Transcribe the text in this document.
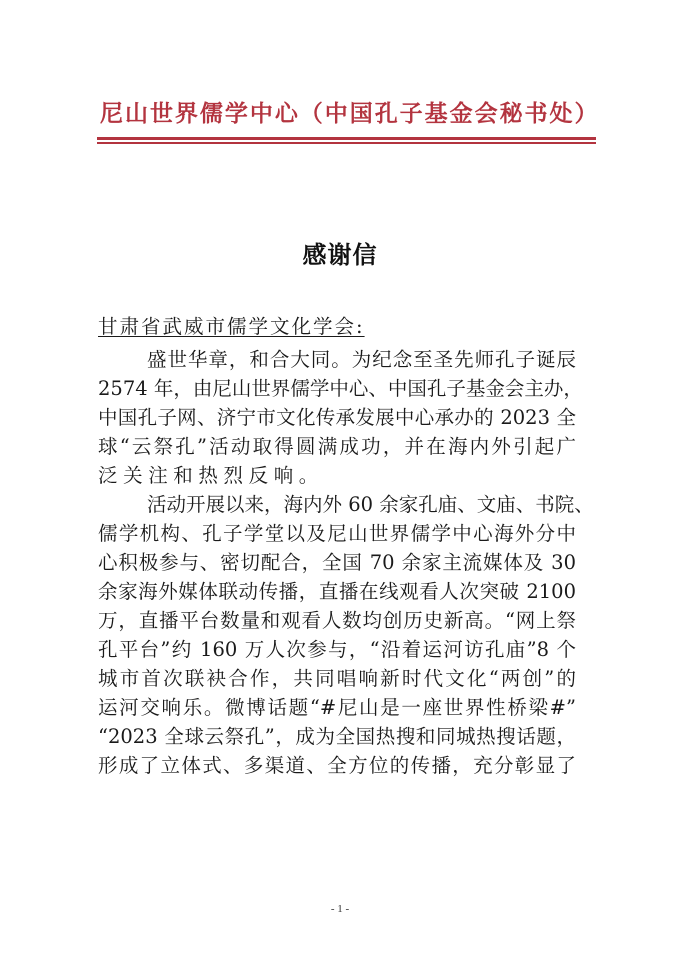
尼山世界儒学中心（中国孔子基金会秘书处）
感谢信
甘肃省武威市儒学文化学会:
盛世华章，和合大同。为纪念至圣先师孔子诞辰
2574 年，由尼山世界儒学中心、中国孔子基金会主办，
中国孔子网、济宁市文化传承发展中心承办的 2023 全
球“云祭孔”活动取得圆满成功，并在海内外引起广
泛关注和热烈反响。
活动开展以来，海内外 60 余家孔庙、文庙、书院、
儒学机构、孔子学堂以及尼山世界儒学中心海外分中
心积极参与、密切配合，全国 70 余家主流媒体及 30
余家海外媒体联动传播，直播在线观看人次突破 2100
万，直播平台数量和观看人数均创历史新高。“网上祭
孔平台”约 160 万人次参与，“沿着运河访孔庙”8 个
城市首次联袂合作，共同唱响新时代文化“两创”的
运河交响乐。微博话题“#尼山是一座世界性桥梁#”
“2023 全球云祭孔”，成为全国热搜和同城热搜话题，
形成了立体式、多渠道、全方位的传播，充分彰显了
- 1 -
